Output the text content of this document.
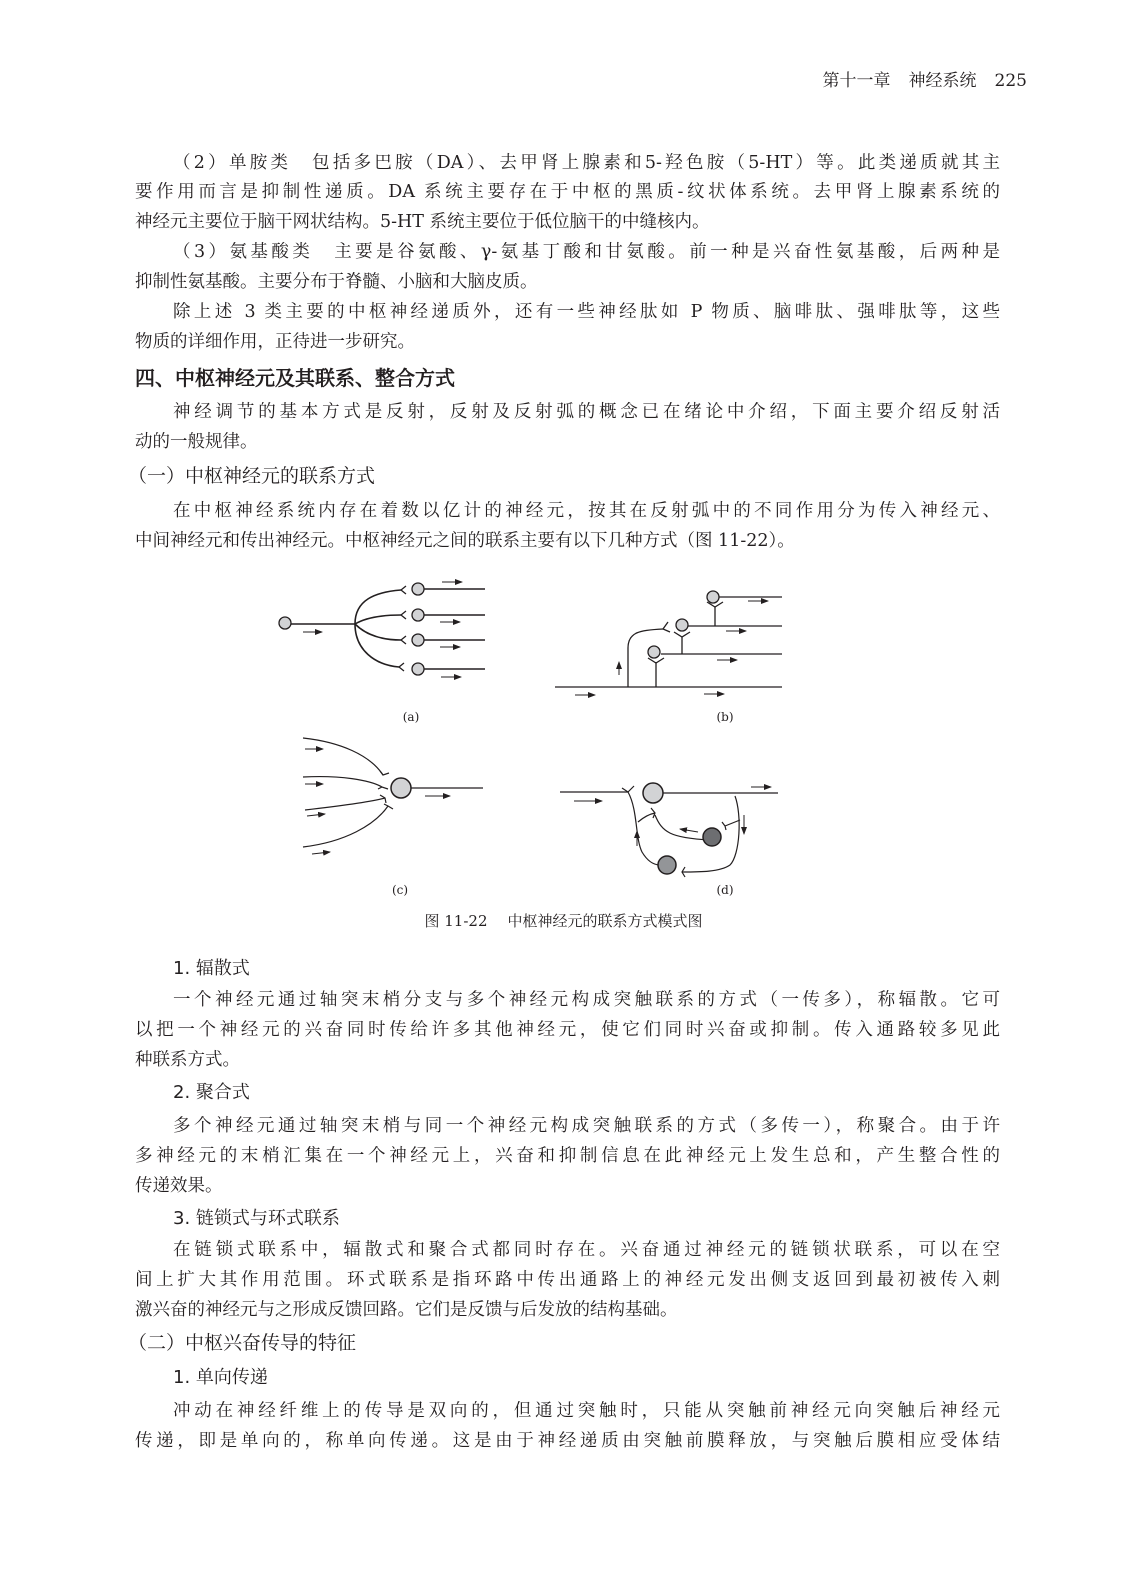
第十一章 神经系统 225
（2）单胺类　包括多巴胺（DA）、去甲肾上腺素和5-羟色胺（5-HT）等。此类递质就其主
要作用而言是抑制性递质。DA 系统主要存在于中枢的黑质-纹状体系统。去甲肾上腺素系统的
神经元主要位于脑干网状结构。5-HT 系统主要位于低位脑干的中缝核内。
（3）氨基酸类　主要是谷氨酸、γ-氨基丁酸和甘氨酸。前一种是兴奋性氨基酸，后两种是
抑制性氨基酸。主要分布于脊髓、小脑和大脑皮质。
除上述 3 类主要的中枢神经递质外，还有一些神经肽如 P 物质、脑啡肽、强啡肽等，这些
物质的详细作用，正待进一步研究。
四、中枢神经元及其联系、整合方式
神经调节的基本方式是反射，反射及反射弧的概念已在绪论中介绍，下面主要介绍反射活
动的一般规律。
（一）中枢神经元的联系方式
在中枢神经系统内存在着数以亿计的神经元，按其在反射弧中的不同作用分为传入神经元、
中间神经元和传出神经元。中枢神经元之间的联系主要有以下几种方式（图 11-22）。
(a)	(b)
(c)	(d)
图 11-22 中枢神经元的联系方式模式图
1. 辐散式
一个神经元通过轴突末梢分支与多个神经元构成突触联系的方式（一传多），称辐散。它可
以把一个神经元的兴奋同时传给许多其他神经元，使它们同时兴奋或抑制。传入通路较多见此
种联系方式。
2. 聚合式
多个神经元通过轴突末梢与同一个神经元构成突触联系的方式（多传一），称聚合。由于许
多神经元的末梢汇集在一个神经元上，兴奋和抑制信息在此神经元上发生总和，产生整合性的
传递效果。
3. 链锁式与环式联系
在链锁式联系中，辐散式和聚合式都同时存在。兴奋通过神经元的链锁状联系，可以在空
间上扩大其作用范围。环式联系是指环路中传出通路上的神经元发出侧支返回到最初被传入刺
激兴奋的神经元与之形成反馈回路。它们是反馈与后发放的结构基础。
（二）中枢兴奋传导的特征
1. 单向传递
冲动在神经纤维上的传导是双向的，但通过突触时，只能从突触前神经元向突触后神经元
传递，即是单向的，称单向传递。这是由于神经递质由突触前膜释放，与突触后膜相应受体结
